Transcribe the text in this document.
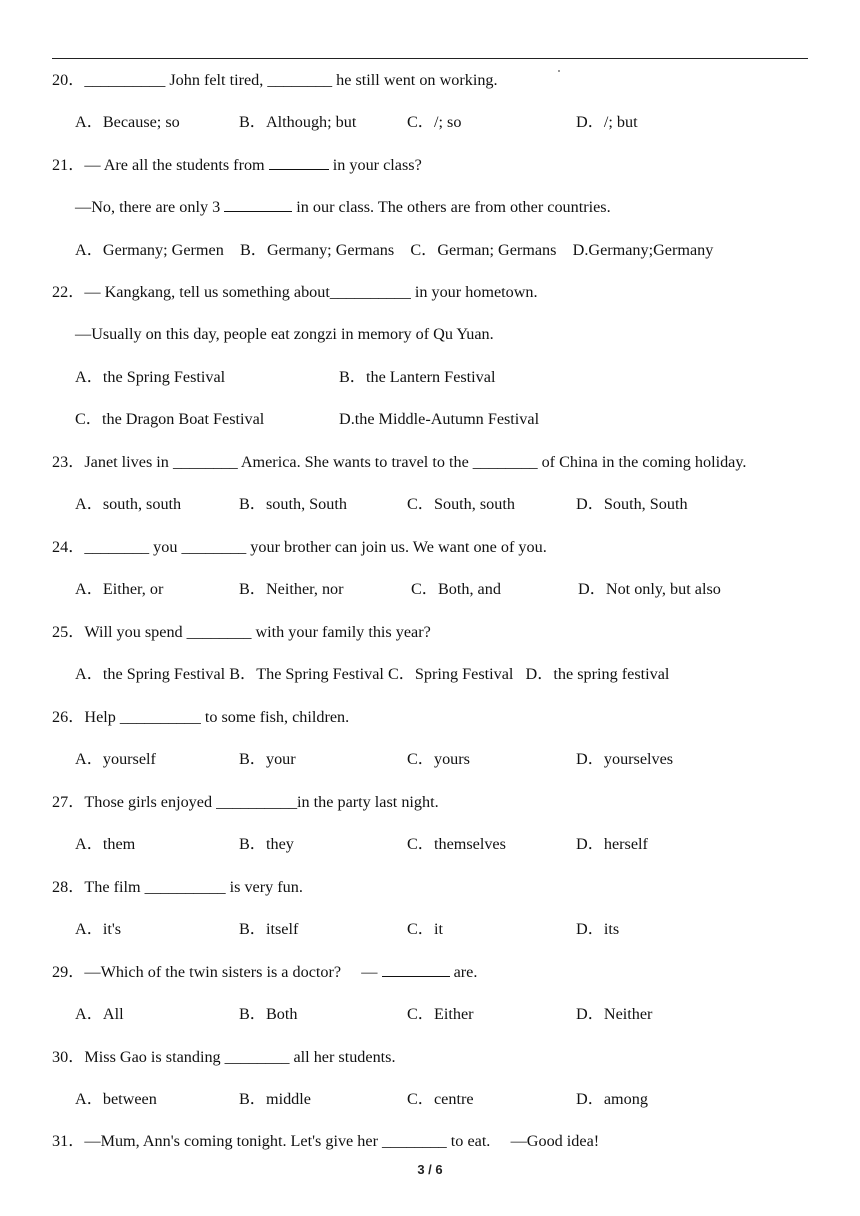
20．__________ John felt tired, ________ he still went on working.

A．Because; so

	B．Although; but

	C．/; so

	D．/; but

21．— Are all the students from	in your class?
—No, there are only 3	in our class. The others are from other countries.
A．Germany; Germen    B．Germany; Germans    C．German; Germans    D.Germany;Germany
22．— Kangkang, tell us something about__________ in your hometown.
—Usually on this day, people eat zongzi in memory of Qu Yuan.

A．the Spring Festival

	B．the Lantern Festival

C．the Dragon Boat Festival

	D.the Middle-Autumn Festival

23．Janet lives in ________ America. She wants to travel to the ________ of China in the coming holiday.

A．south, south

	B．south, South

	C．South, south

	D．South, South

24．________ you ________ your brother can join us. We want one of you.

A．Either, or

	B．Neither, nor

	C．Both, and

	D．Not only, but also

25．Will you spend ________ with your family this year?
A．the Spring Festival B．The Spring Festival C．Spring Festival   D．the spring festival
26．Help __________ to some fish, children.

A．yourself

	B．your

	C．yours

	D．yourselves

27．Those girls enjoyed __________in the party last night.

A．them

	B．they

	C．themselves

	D．herself

28．The film __________ is very fun.

A．it's

	B．itself

	C．it

	D．its

29．—Which of the twin sisters is a doctor?     —	are.

A．All

	B．Both

	C．Either

	D．Neither

30．Miss Gao is standing ________ all her students.

A．between

	B．middle

	C．centre

	D．among

31．—Mum, Ann's coming tonight. Let's give her ________ to eat.     —Good idea!
3 / 6
